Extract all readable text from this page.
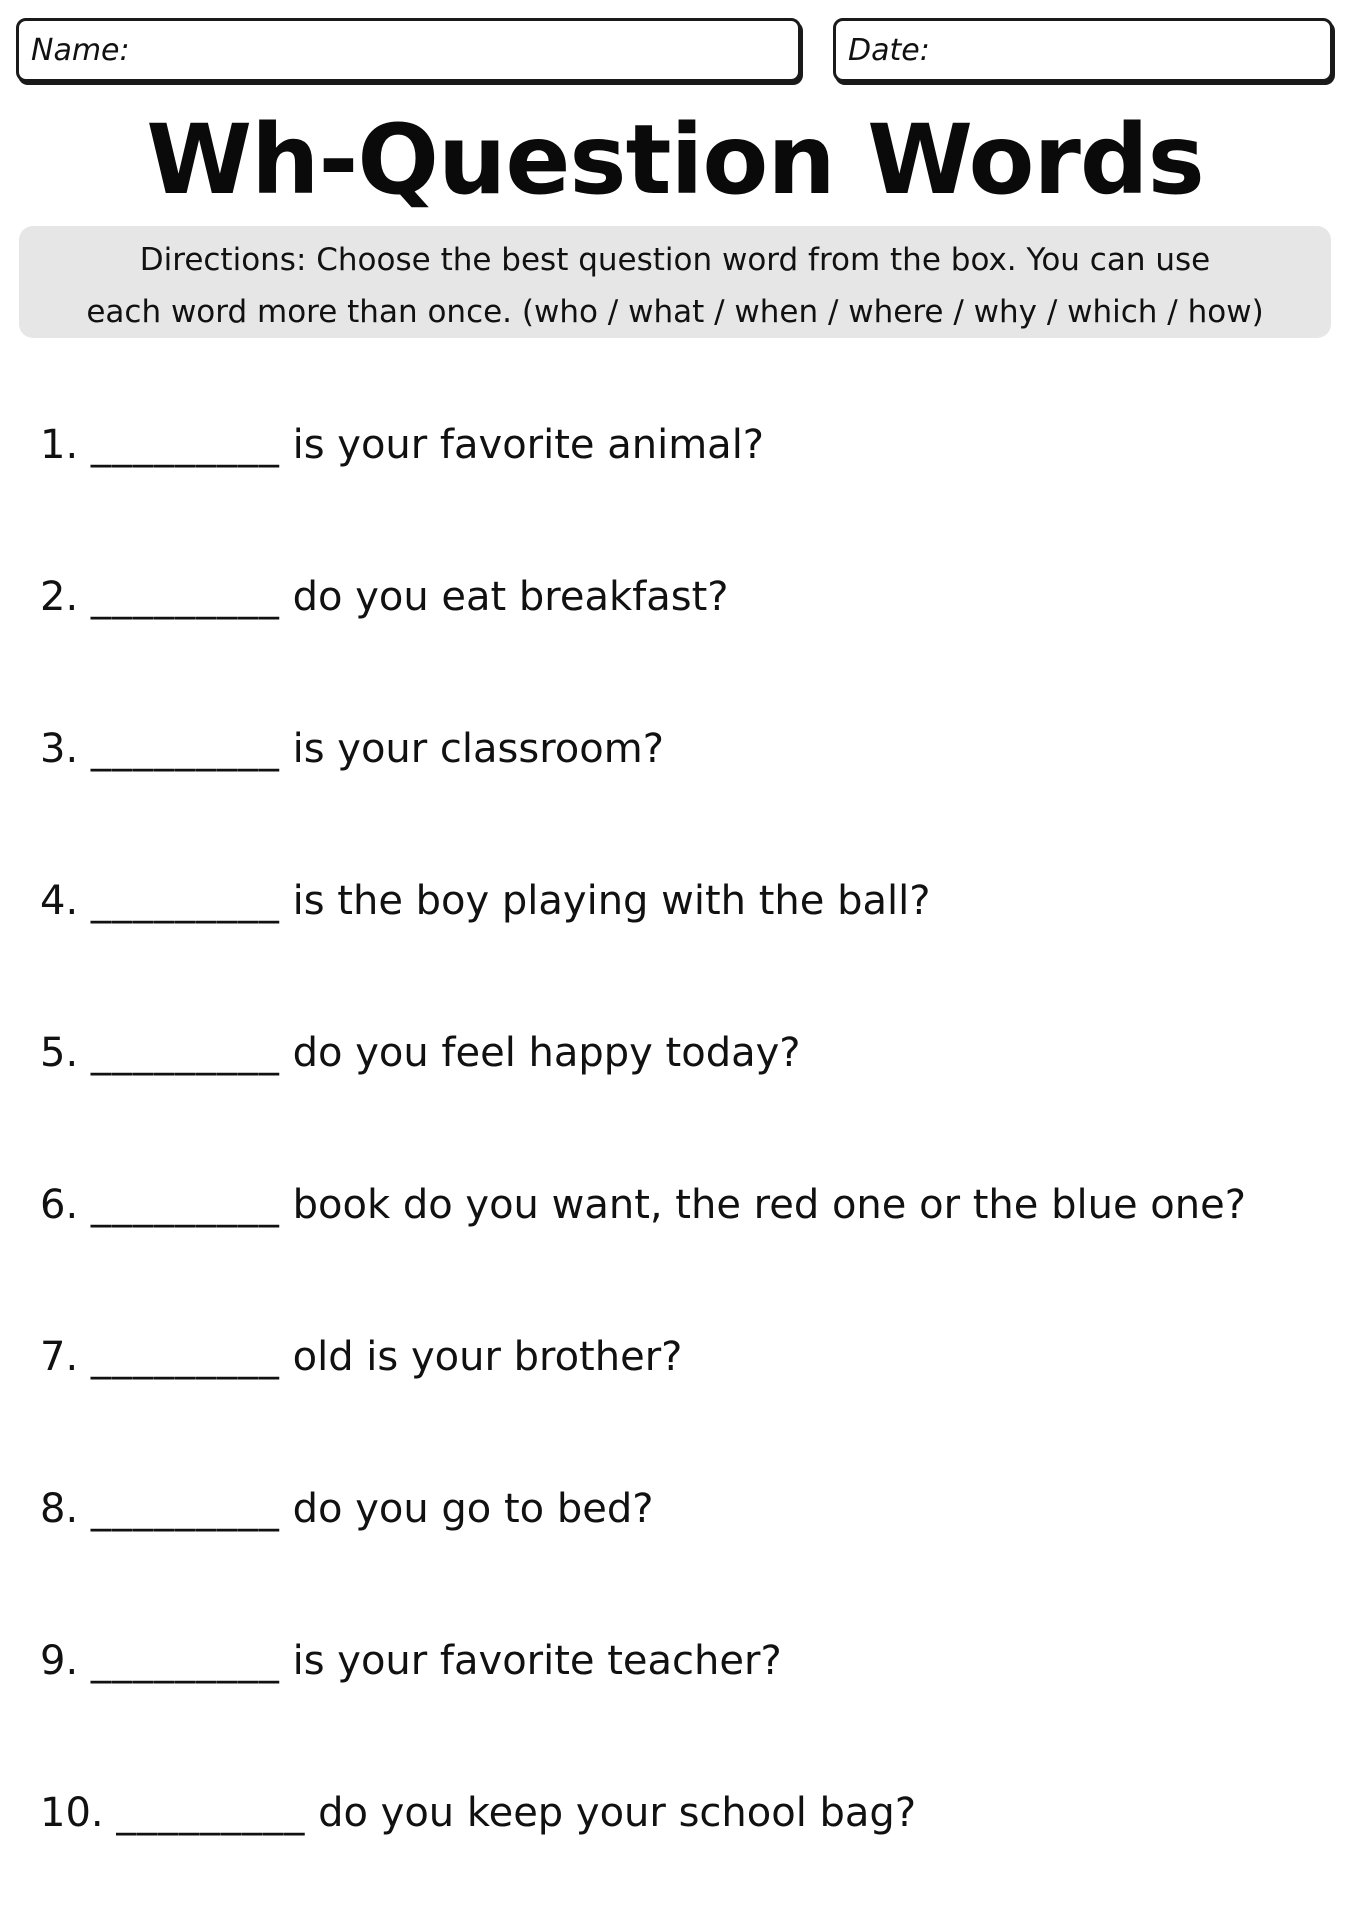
Name:	Date:
Wh-Question Words
Directions: Choose the best question word from the box. You can use
each word more than once. (who / what / when / where / why / which / how)
1. _________ is your favorite animal?
2. _________ do you eat breakfast?
3. _________ is your classroom?
4. _________ is the boy playing with the ball?
5. _________ do you feel happy today?
6. _________ book do you want, the red one or the blue one?
7. _________ old is your brother?
8. _________ do you go to bed?
9. _________ is your favorite teacher?
10. _________ do you keep your school bag?
